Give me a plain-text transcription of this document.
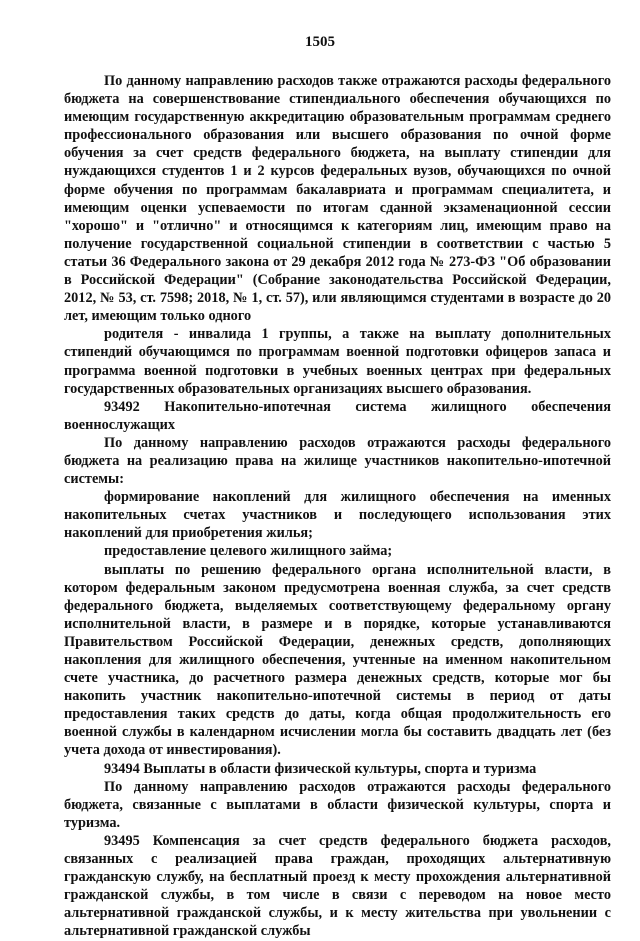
1505

По данному направлению расходов также отражаются расходы федерального бюджета на совершенствование стипендиального обеспечения обучающихся по имеющим государственную аккредитацию образовательным программам среднего профессионального образования или высшего образования по очной форме обучения за счет средств федерального бюджета, на выплату стипендии для нуждающихся студентов 1 и 2 курсов федеральных вузов, обучающихся по очной форме обучения по программам бакалавриата и программам специалитета, и имеющим оценки успеваемости по итогам сданной экзаменационной сессии "хорошо" и "отлично" и относящимся к категориям лиц, имеющим право на получение государственной социальной стипендии в соответствии с частью 5 статьи 36 Федерального закона от 29 декабря 2012 года № 273-ФЗ "Об образовании в Российской Федерации" (Собрание законодательства Российской Федерации, 2012, № 53, ст. 7598; 2018, № 1, ст. 57), или являющимся студентами в возрасте до 20 лет, имеющим только одного

родителя - инвалида 1 группы, а также на выплату дополнительных стипендий обучающимся по программам военной подготовки офицеров запаса и программа военной подготовки в учебных военных центрах при федеральных государственных образовательных организациях высшего образования.

93492 Накопительно-ипотечная система жилищного обеспечения
военнослужащих

По данному направлению расходов отражаются расходы федерального бюджета на реализацию права на жилище участников накопительно-ипотечной системы:

формирование накоплений для жилищного обеспечения на именных накопительных счетах участников и последующего использования этих накоплений для приобретения жилья;

предоставление целевого жилищного займа;

выплаты по решению федерального органа исполнительной власти, в котором федеральным законом предусмотрена военная служба, за счет средств федерального бюджета, выделяемых соответствующему федеральному органу исполнительной власти, в размере и в порядке, которые устанавливаются Правительством Российской Федерации, денежных средств, дополняющих накопления для жилищного обеспечения, учтенные на именном накопительном счете участника, до расчетного размера денежных средств, которые мог бы накопить участник накопительно-ипотечной системы в период от даты предоставления таких средств до даты, когда общая продолжительность его военной службы в календарном исчислении могла бы составить двадцать лет (без учета дохода от инвестирования).

93494 Выплаты в области физической культуры, спорта и туризма

По данному направлению расходов отражаются расходы федерального бюджета, связанные с выплатами в области физической культуры, спорта и туризма.

93495 Компенсация за счет средств федерального бюджета расходов, связанных с реализацией права граждан, проходящих альтернативную гражданскую службу, на бесплатный проезд к месту прохождения альтернативной гражданской службы, в том числе в связи с переводом на новое место альтернативной гражданской службы, и к месту жительства при увольнении с альтернативной гражданской службы
